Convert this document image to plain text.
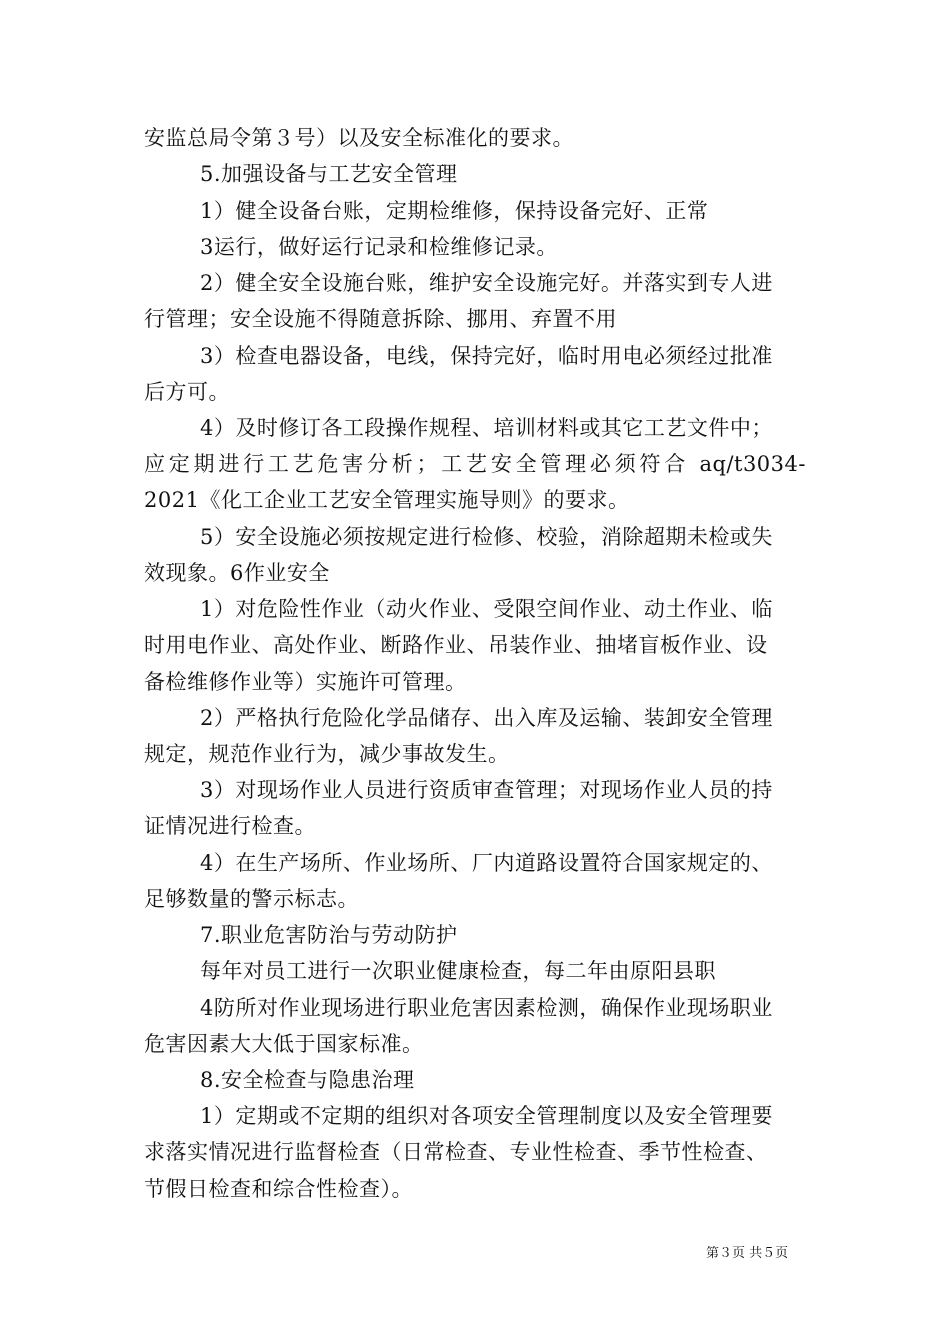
安监总局令第３号）以及安全标准化的要求。
5.加强设备与工艺安全管理
1）健全设备台账，定期检维修，保持设备完好、正常
3运行，做好运行记录和检维修记录。
2）健全安全设施台账，维护安全设施完好。并落实到专人进
行管理；安全设施不得随意拆除、挪用、弃置不用
3）检查电器设备，电线，保持完好，临时用电必须经过批准
后方可。
4）及时修订各工段操作规程、培训材料或其它工艺文件中；
应定期进行工艺危害分析；工艺安全管理必须符合 aq/t3034-
2021《化工企业工艺安全管理实施导则》的要求。
5）安全设施必须按规定进行检修、校验，消除超期未检或失
效现象。6作业安全
1）对危险性作业（动火作业、受限空间作业、动土作业、临
时用电作业、高处作业、断路作业、吊装作业、抽堵盲板作业、设
备检维修作业等）实施许可管理。
2）严格执行危险化学品储存、出入库及运输、装卸安全管理
规定，规范作业行为，减少事故发生。
3）对现场作业人员进行资质审查管理；对现场作业人员的持
证情况进行检查。
4）在生产场所、作业场所、厂内道路设置符合国家规定的、
足够数量的警示标志。
7.职业危害防治与劳动防护
每年对员工进行一次职业健康检查，每二年由原阳县职
4防所对作业现场进行职业危害因素检测，确保作业现场职业
危害因素大大低于国家标准。
8.安全检查与隐患治理
1）定期或不定期的组织对各项安全管理制度以及安全管理要
求落实情况进行监督检查（日常检查、专业性检查、季节性检查、
节假日检查和综合性检查）。
第３页 共５页
